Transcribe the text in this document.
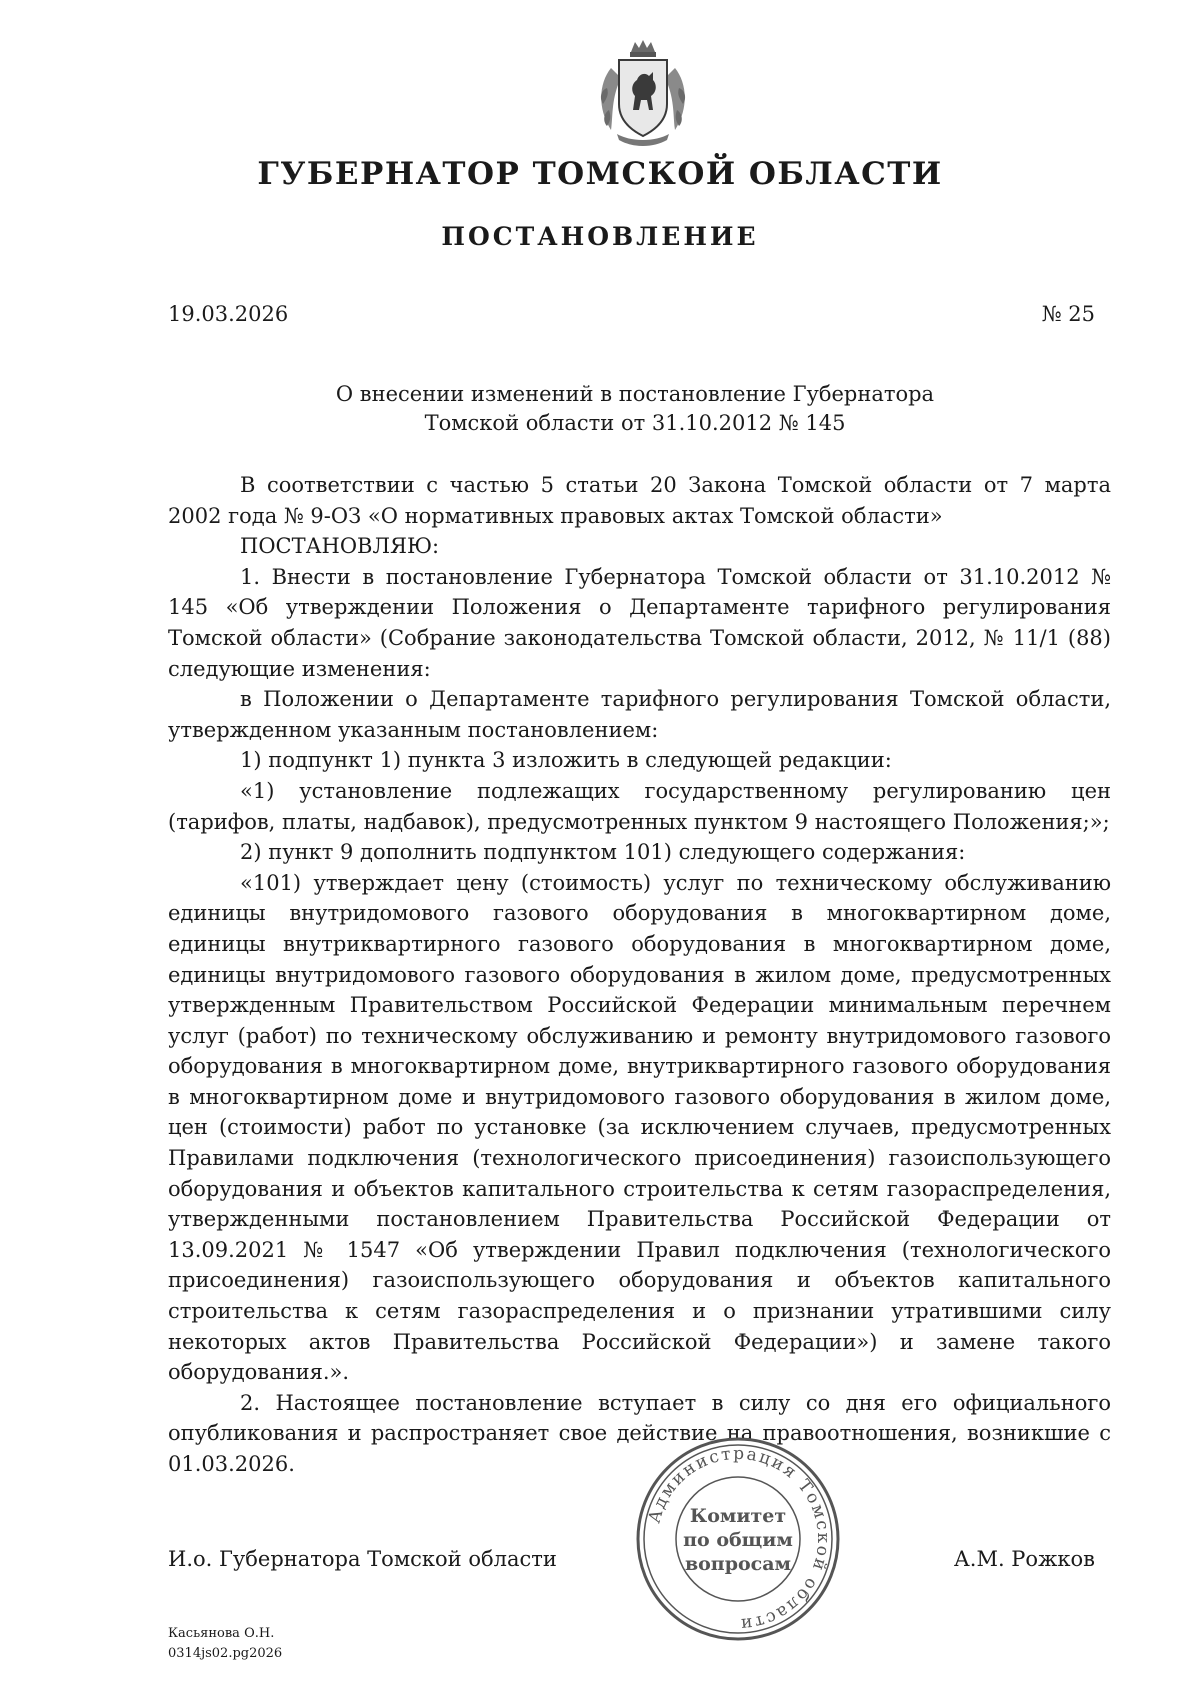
ГУБЕРНАТОР ТОМСКОЙ ОБЛАСТИ
ПОСТАНОВЛЕНИЕ
19.03.2026	№ 25
О внесении изменений в постановление Губернатора
Томской области от 31.10.2012 № 145

В соответствии с частью 5 статьи 20 Закона Томской области от 7 марта 2002 года № 9-ОЗ «О нормативных правовых актах Томской области»

ПОСТАНОВЛЯЮ:

1. Внести в постановление Губернатора Томской области от 31.10.2012 № 145 «Об утверждении Положения о Департаменте тарифного регулирования Томской области» (Собрание законодательства Томской области, 2012, № 11/1 (88) следующие изменения:

в Положении о Департаменте тарифного регулирования Томской области, утвержденном указанным постановлением:

1) подпункт 1) пункта 3 изложить в следующей редакции:

«1) установление подлежащих государственному регулированию цен (тарифов, платы, надбавок), предусмотренных пунктом 9 настоящего Положения;»;

2) пункт 9 дополнить подпунктом 101) следующего содержания:

«101) утверждает цену (стоимость) услуг по техническому обслуживанию единицы внутридомового газового оборудования в многоквартирном доме, единицы внутриквартирного газового оборудования в многоквартирном доме, единицы внутридомового газового оборудования в жилом доме, предусмотренных утвержденным Правительством Российской Федерации минимальным перечнем услуг (работ) по техническому обслуживанию и ремонту внутридомового газового оборудования в многоквартирном доме, внутриквартирного газового оборудования в многоквартирном доме и внутридомового газового оборудования в жилом доме, цен (стоимости) работ по установке (за исключением случаев, предусмотренных Правилами подключения (технологического присоединения) газоиспользующего оборудования и объектов капитального строительства к сетям газораспределения, утвержденными постановлением Правительства Российской Федерации от 13.09.2021 № 1547 «Об утверждении Правил подключения (технологического присоединения) газоиспользующего оборудования и объектов капитального строительства к сетям газораспределения и о признании утратившими силу некоторых актов Правительства Российской Федерации») и замене такого оборудования.».

2. Настоящее постановление вступает в силу со дня его официального опубликования и распространяет свое действие на правоотношения, возникшие с 01.03.2026.

И.о. Губернатора Томской области	А.М. Рожков
Администрация Томской области
Комитет
по общим
вопросам
Касьянова О.Н.
0314js02.pg2026
